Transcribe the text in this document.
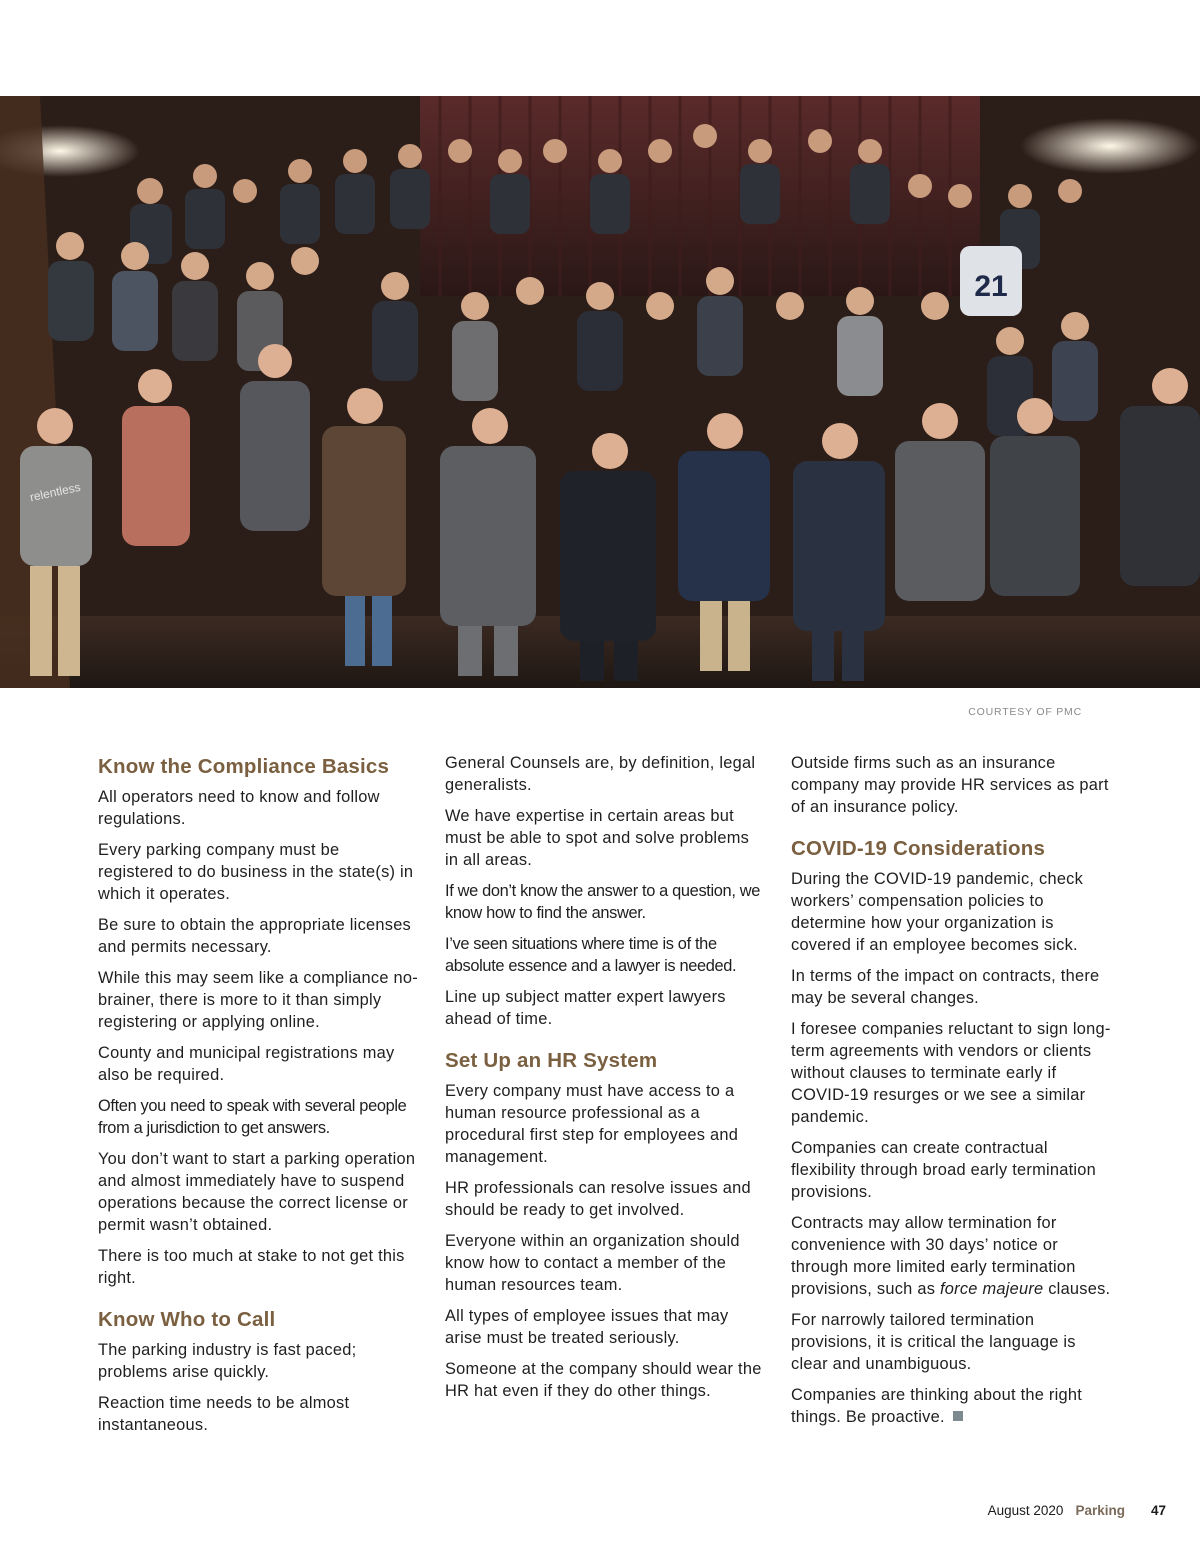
21
relentless
COURTESY OF PMC
Know the Compliance Basics

All operators need to know and follow regulations.

Every parking company must be registered to do business in the state(s) in which it operates.

Be sure to obtain the appropriate licenses and permits necessary.

While this may seem like a compliance no-brainer, there is more to it than simply registering or applying online.

County and municipal registrations may also be required.

Often you need to speak with several people from a jurisdiction to get answers.

You don’t want to start a parking operation and almost immediately have to suspend operations because the correct license or permit wasn’t obtained.

There is too much at stake to not get this right.

Know Who to Call

The parking industry is fast paced; problems arise quickly.

Reaction time needs to be almost instantaneous.

General Counsels are, by definition, legal generalists.

We have expertise in certain areas but must be able to spot and solve problems in all areas.

If we don’t know the answer to a question, we know how to find the answer.

I’ve seen situations where time is of the absolute essence and a lawyer is needed.

Line up subject matter expert lawyers ahead of time.

Set Up an HR System

Every company must have access to a human resource professional as a procedural first step for employees and management.

HR professionals can resolve issues and should be ready to get involved.

Everyone within an organization should know how to contact a member of the human resources team.

All types of employee issues that may arise must be treated seriously.

Someone at the company should wear the HR hat even if they do other things.

Outside firms such as an insurance company may provide HR services as part of an insurance policy.

COVID-19 Considerations

During the COVID-19 pandemic, check workers’ compensation policies to determine how your organization is covered if an employee becomes sick.

In terms of the impact on contracts, there may be several changes.

I foresee companies reluctant to sign long-term agreements with vendors or clients without clauses to terminate early if COVID-19 resurges or we see a similar pandemic.

Companies can create contractual flexibility through broad early termination provisions.

Contracts may allow termination for convenience with 30 days’ notice or through more limited early termination provisions, such as force majeure clauses.

For narrowly tailored termination provisions, it is critical the language is clear and unambiguous.

Companies are thinking about the right things. Be proactive.

August 2020 Parking 47
